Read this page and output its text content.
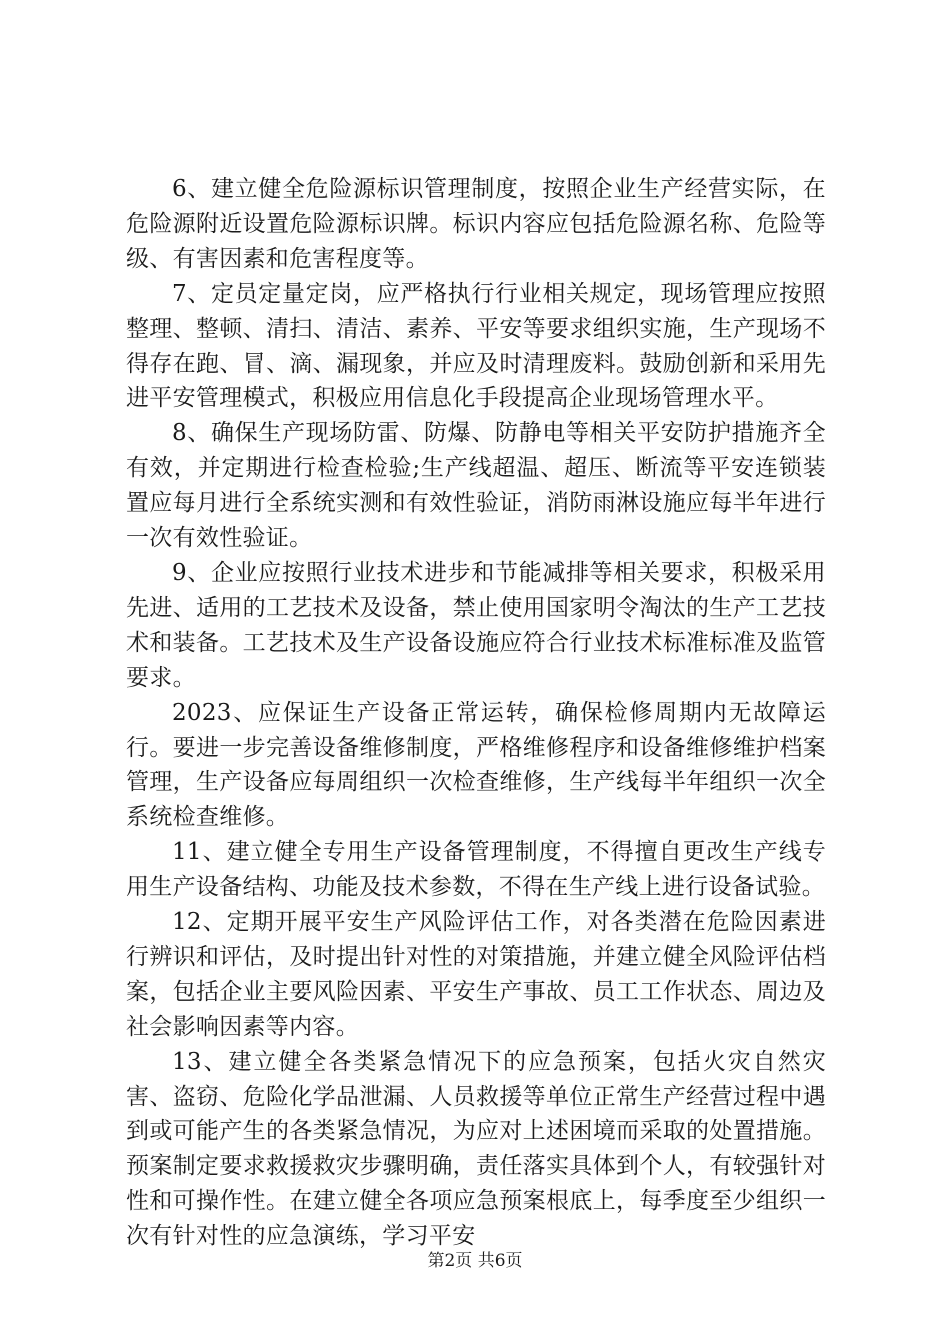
6、建立健全危险源标识管理制度，按照企业生产经营实际，在危险源附近设置危险源标识牌。标识内容应包括危险源名称、危险等级、有害因素和危害程度等。

7、定员定量定岗，应严格执行行业相关规定，现场管理应按照整理、整顿、清扫、清洁、素养、平安等要求组织实施，生产现场不得存在跑、冒、滴、漏现象，并应及时清理废料。鼓励创新和采用先进平安管理模式，积极应用信息化手段提高企业现场管理水平。

8、确保生产现场防雷、防爆、防静电等相关平安防护措施齐全有效，并定期进行检查检验;生产线超温、超压、断流等平安连锁装置应每月进行全系统实测和有效性验证，消防雨淋设施应每半年进行一次有效性验证。

9、企业应按照行业技术进步和节能减排等相关要求，积极采用先进、适用的工艺技术及设备，禁止使用国家明令淘汰的生产工艺技术和装备。工艺技术及生产设备设施应符合行业技术标准标准及监管要求。

2023、应保证生产设备正常运转，确保检修周期内无故障运行。要进一步完善设备维修制度，严格维修程序和设备维修维护档案管理，生产设备应每周组织一次检查维修，生产线每半年组织一次全系统检查维修。

11、建立健全专用生产设备管理制度，不得擅自更改生产线专用生产设备结构、功能及技术参数，不得在生产线上进行设备试验。

12、定期开展平安生产风险评估工作，对各类潜在危险因素进行辨识和评估，及时提出针对性的对策措施，并建立健全风险评估档案，包括企业主要风险因素、平安生产事故、员工工作状态、周边及社会影响因素等内容。

13、建立健全各类紧急情况下的应急预案，包括火灾自然灾害、盗窃、危险化学品泄漏、人员救援等单位正常生产经营过程中遇到或可能产生的各类紧急情况，为应对上述困境而采取的处置措施。预案制定要求救援救灾步骤明确，责任落实具体到个人，有较强针对性和可操作性。在建立健全各项应急预案根底上，每季度至少组织一次有针对性的应急演练，学习平安

第2页 共6页
